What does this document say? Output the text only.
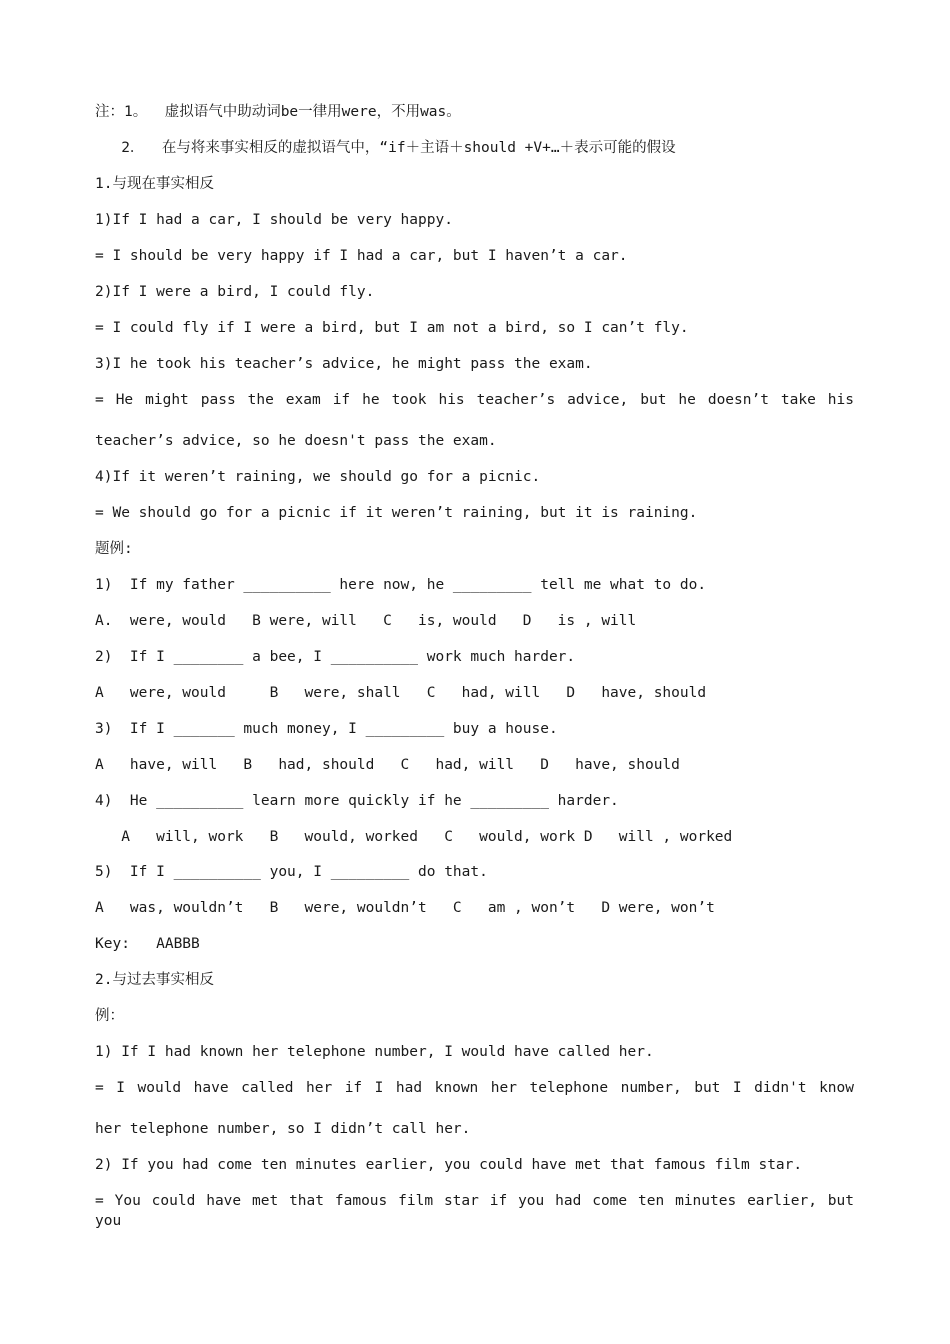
注：1。  虚拟语气中助动词be一律用were，不用was。
2．  在与将来事实相反的虚拟语气中，“if＋主语＋should +V+…＋表示可能的假设
1.与现在事实相反
1)If I had a car, I should be very happy.
= I should be very happy if I had a car, but I haven’t a car.
2)If I were a bird, I could fly.
= I could fly if I were a bird, but I am not a bird, so I can’t fly.
3)I he took his teacher’s advice, he might pass the exam.
= He might pass the exam if he took his teacher’s advice, but he doesn’t take his
teacher’s advice, so he doesn't pass the exam.
4)If it weren’t raining, we should go for a picnic.
= We should go for a picnic if it weren’t raining, but it is raining.
题例:
1)  If my father __________ here now, he _________ tell me what to do.
A.  were, would   B were, will   C   is, would   D   is , will
2)  If I ________ a bee, I __________ work much harder.
A   were, would     B   were, shall   C   had, will   D   have, should
3)  If I _______ much money, I _________ buy a house.
A   have, will   B   had, should   C   had, will   D   have, should
4)  He __________ learn more quickly if he _________ harder.
A   will, work   B   would, worked   C   would, work D   will , worked
5)  If I __________ you, I _________ do that.
A   was, wouldn’t   B   were, wouldn’t   C   am , won’t   D were, won’t
Key:   AABBB
2.与过去事实相反
例：
1) If I had known her telephone number, I would have called her.
= I would have called her if I had known her telephone number, but I didn't know
her telephone number, so I didn’t call her.
2) If you had come ten minutes earlier, you could have met that famous film star.
= You could have met that famous film star if you had come ten minutes earlier, but you
